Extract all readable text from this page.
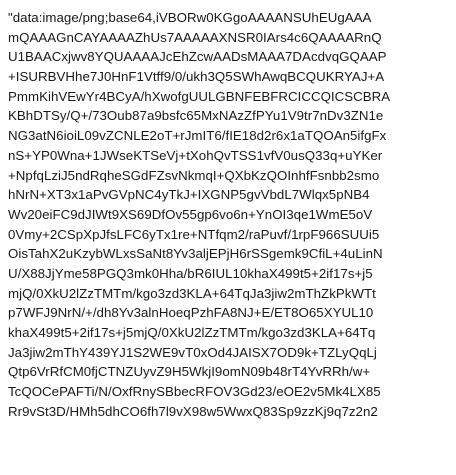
"data:image/png;base64,iVBORw0KGgoAAAANSUhEUgAAA
mQAAAGnCAYAAAAZhUs7AAAAAXNSR0IArs4c6QAAAARnQ
U1BAACxjwv8YQUAAAAJcEhZcwAADsMAAA7DAcdvqGQAAP
+ISURBVHhe7J0HnF1Vtff9/0/ukh3Q5SWhAwqBCQUKRYAJ+A
PmmKihVEwYr4BCyA/hXwofgUULGBNFEBFRCICCQICSCBRA
KBhDTSy/Q+/73Oub87a9bsfc65MxNAzZfPYu1V9tr7nDv3ZN1e
NG3atN6ioiL09vZCNLE2oT+rJmIT6/fIE18d2r6x1aTQOAn5ifgFx
nS+YP0Wna+1JWseKTSeVj+tXohQvTSS1vfV0usQ33q+uYKer
+NpfqLziJ5ndRqheSGdFZsvNkmqI+QXbKzQOInhfFsnbb2smo
hNrN+XT3x1aPvGVpNC4yTkJ+IXGNP5gvVbdL7Wlqx5pNB4
Wv20eiFC9dJIWt9XS69DfOv55gp6vo6n+YnOI3qe1WmE5oV
0Vmy+2CSpXpJfsLFC6yTx1re+NTfqm2/raPuvf/1rpF966SUUi5
OisTahX2uKzybWLxsSaNt8Yv3aljEPjH6rSSgemk9CfiL+4uLinN
U/X88JjYme58PGQ3mk0Hha/bR6IUL10khaX499t5+2if17s+j5
mjQ/0XkU2lZzTMTm/kgo3zd3KLA+64TqJa3jiw2mThZkPkWTt
p7WFJ9NrN/+/dh8Yv3alnHoeqPzhFA8NJ+E/ET8O65XYUL10
khaX499t5+2if17s+j5mjQ/0XkU2lZzTMTm/kgo3zd3KLA+64Tq
Ja3jiw2mThY439YJ1S2WE9vT0xOd4JAISX7OD9k+TZLyQqLj
Qtp6VrRfCM0fjCTNZUyvZ9H5WkjI9omN09b48rT4YvRRh/w+
TcQOCePAFTi/N/OxfRnySBbecRFOV3Gd23/eOE2v5Mk4LX85
Rr9vSt3D/HMh5dhCO6fh7l9vX98w5WwxQ83Sp9zzKj9q7z2n2
